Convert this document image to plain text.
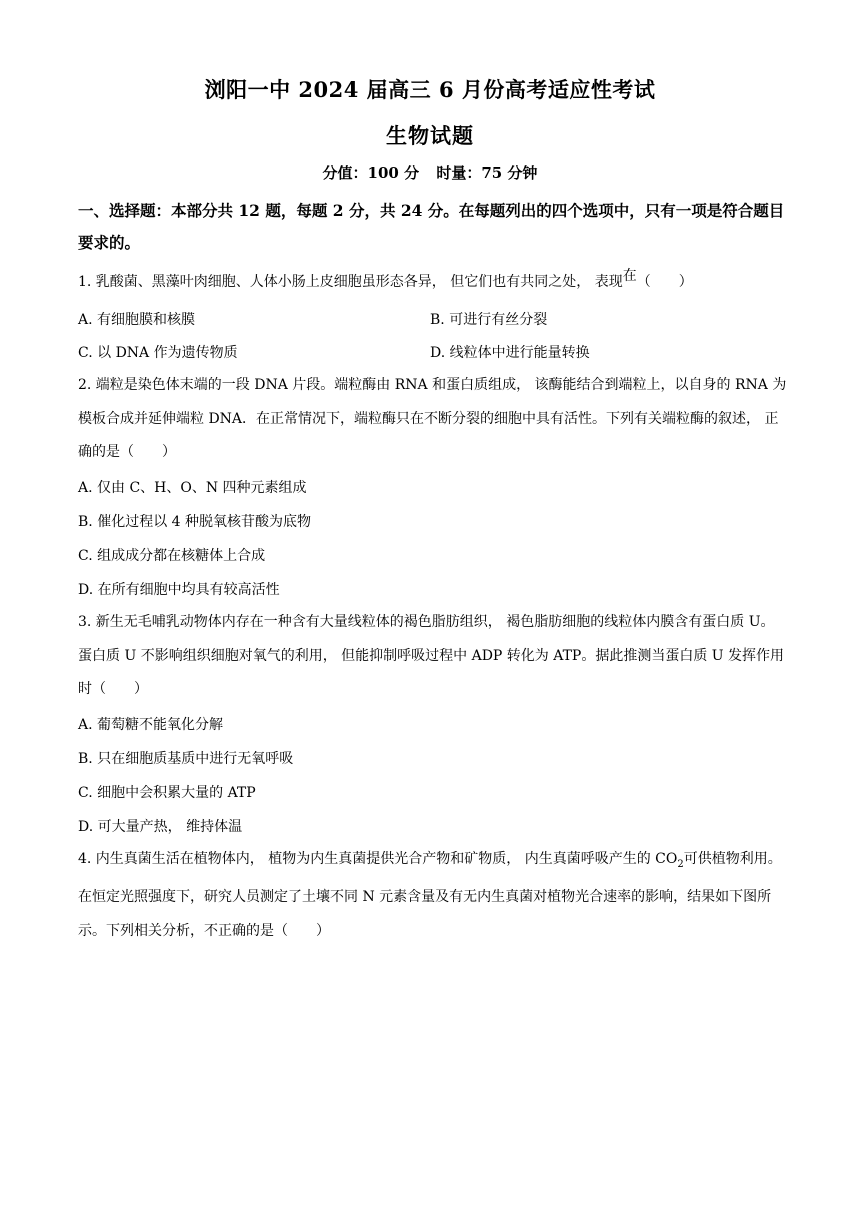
浏阳一中 2024 届高三 6 月份高考适应性考试
生物试题
分值：100 分 时量：75 分钟
一、选择题：本部分共 12 题，每题 2 分，共 24 分。在每题列出的四个选项中，只有一项是符合题目要求的。
1. 乳酸菌、黑藻叶肉细胞、人体小肠上皮细胞虽形态各异， 但它们也有共同之处， 表现在（　　）
A. 有细胞膜和核膜	B. 可进行有丝分裂
C. 以 DNA 作为遗传物质	D. 线粒体中进行能量转换
2. 端粒是染色体末端的一段 DNA 片段。端粒酶由 RNA 和蛋白质组成， 该酶能结合到端粒上，以自身的 RNA 为模板合成并延伸端粒 DNA．在正常情况下，端粒酶只在不断分裂的细胞中具有活性。下列有关端粒酶的叙述， 正确的是（　　）
A. 仅由 C、H、O、N 四种元素组成
B. 催化过程以 4 种脱氧核苷酸为底物
C. 组成成分都在核糖体上合成
D. 在所有细胞中均具有较高活性
3. 新生无毛哺乳动物体内存在一种含有大量线粒体的褐色脂肪组织， 褐色脂肪细胞的线粒体内膜含有蛋白质 U。蛋白质 U 不影响组织细胞对氧气的利用， 但能抑制呼吸过程中 ADP 转化为 ATP。据此推测当蛋白质 U 发挥作用时（　　）
A. 葡萄糖不能氧化分解
B. 只在细胞质基质中进行无氧呼吸
C. 细胞中会积累大量的 ATP
D. 可大量产热， 维持体温
4. 内生真菌生活在植物体内， 植物为内生真菌提供光合产物和矿物质， 内生真菌呼吸产生的 $CO_2$可供植物利用。在恒定光照强度下，研究人员测定了土壤不同 N 元素含量及有无内生真菌对植物光合速率的影响，结果如下图所示。下列相关分析，不正确的是（　　）
